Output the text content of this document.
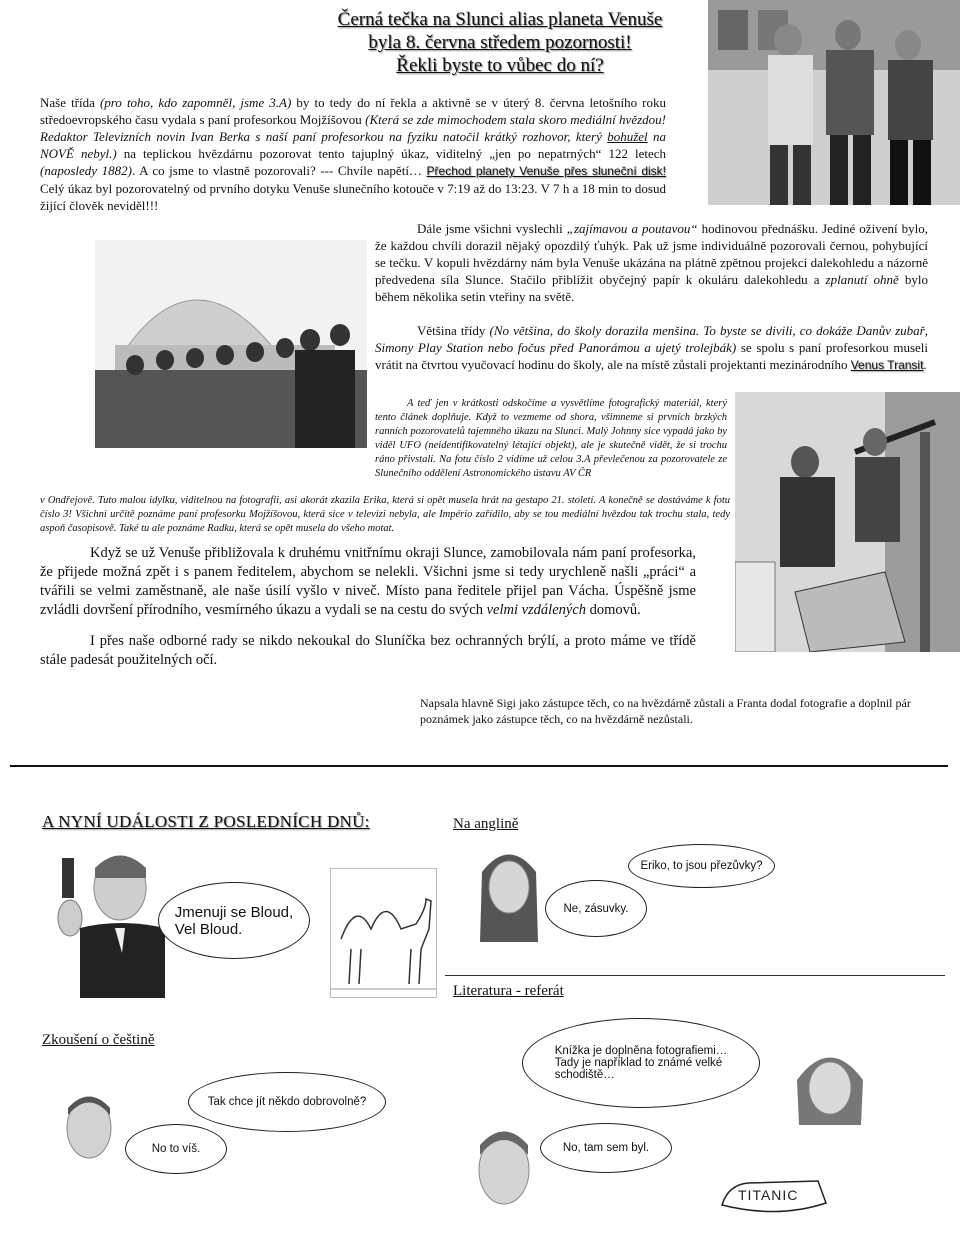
Černá tečka na Slunci alias planeta Venuše
byla 8. června středem pozornosti!
Řekli byste to vůbec do ní?
Naše třída (pro toho, kdo zapomněl, jsme 3.A) by to tedy do ní řekla a aktivně se v úterý 8. června letošního roku středoevropského času vydala s paní profesorkou Mojžíšovou (Která se zde mimochodem stala skoro mediální hvězdou! Redaktor Televizních novin Ivan Berka s naší paní profesorkou na fyziku natočil krátký rozhovor, který bohužel na NOVĚ nebyl.) na teplickou hvězdárnu pozorovat tento tajuplný úkaz, viditelný „jen po nepatrných“ 122 letech (naposledy 1882). A co jsme to vlastně pozorovali? --- Chvíle napětí… Přechod planety Venuše přes sluneční disk! Celý úkaz byl pozorovatelný od prvního dotyku Venuše slunečního kotouče v 7:19 až do 13:23. V 7 h a 18 min to dosud žijící člověk neviděl!!!
Dále jsme všichni vyslechli „zajímavou a poutavou“ hodinovou přednášku. Jediné oživení bylo, že každou chvíli dorazil nějaký opozdilý ťuhýk. Pak už jsme individuálně pozorovali černou, pohybující se tečku. V kopuli hvězdárny nám byla Venuše ukázána na plátně zpětnou projekcí dalekohledu a názorně předvedena síla Slunce. Stačilo přiblížit obyčejný papír k okuláru dalekohledu a zplanutí ohně bylo během několika setin vteřiny na světě.
Většina třídy (No většina, do školy dorazila menšina. To byste se divili, co dokáže Danův zubař, Simony Play Station nebo fočus před Panorámou a ujetý trolejbák) se spolu s paní profesorkou museli vrátit na čtvrtou vyučovací hodinu do školy, ale na místě zůstali projektanti mezinárodního Venus Transit.
A teď jen v krátkosti odskočíme a vysvětlíme fotografický materiál, který tento článek doplňuje. Když to vezmeme od shora, všimneme si prvních brzkých ranních pozorovatelů tajemného úkazu na Slunci. Malý Johnny sice vypadá jako by viděl UFO (neidentifikovatelný létající objekt), ale je skutečně vidět, že si trochu ráno přivstali. Na fotu číslo 2 vidíme už celou 3.A převlečenou za pozorovatele ze Slunečního oddělení Astronomického ústavu AV ČR
v Ondřejově. Tuto malou idylku, viditelnou na fotografii, asi akorát zkazila Erika, která si opět musela hrát na gestapo 21. století. A konečně se dostáváme k fotu číslo 3! Všichni určitě poznáme paní profesorku Mojžíšovou, která sice v televizi nebyla, ale Império zařídilo, aby se tou mediální hvězdou tak trochu stala, tedy aspoň časopisově. Také tu ale poznáme Radku, která se opět musela do všeho motat.
Když se už Venuše přibližovala k druhému vnitřnímu okraji Slunce, zamobilovala nám paní profesorka, že přijede možná zpět i s panem ředitelem, abychom se nelekli. Všichni jsme si tedy urychleně našli „práci“ a tvářili se velmi zaměstnaně, ale naše úsilí vyšlo v niveč. Místo pana ředitele přijel pan Vácha. Úspěšně jsme zvládli dovršení přírodního, vesmírného úkazu a vydali se na cestu do svých velmi vzdálených domovů.
I přes naše odborné rady se nikdo nekoukal do Sluníčka bez ochranných brýlí, a proto máme ve třídě stále padesát použitelných očí.
Napsala hlavně Sigi jako zástupce těch, co na hvězdárně zůstali a Franta dodal fotografie a doplnil pár poznámek jako zástupce těch, co na hvězdárně nezůstali.
A NYNÍ UDÁLOSTI Z POSLEDNÍCH DNŮ:
Jmenuji se Bloud,
Vel Bloud.
Na anglině
Eriko, to jsou přezůvky?
Ne, zásuvky.
Literatura - referát
Knížka je doplněna fotografiemi…
Tady je například to známé velké
schodiště…
Zkoušení o češtině
Tak chce jít někdo dobrovolně?
No to víš.	No, tam sem byl.
TITANIC
